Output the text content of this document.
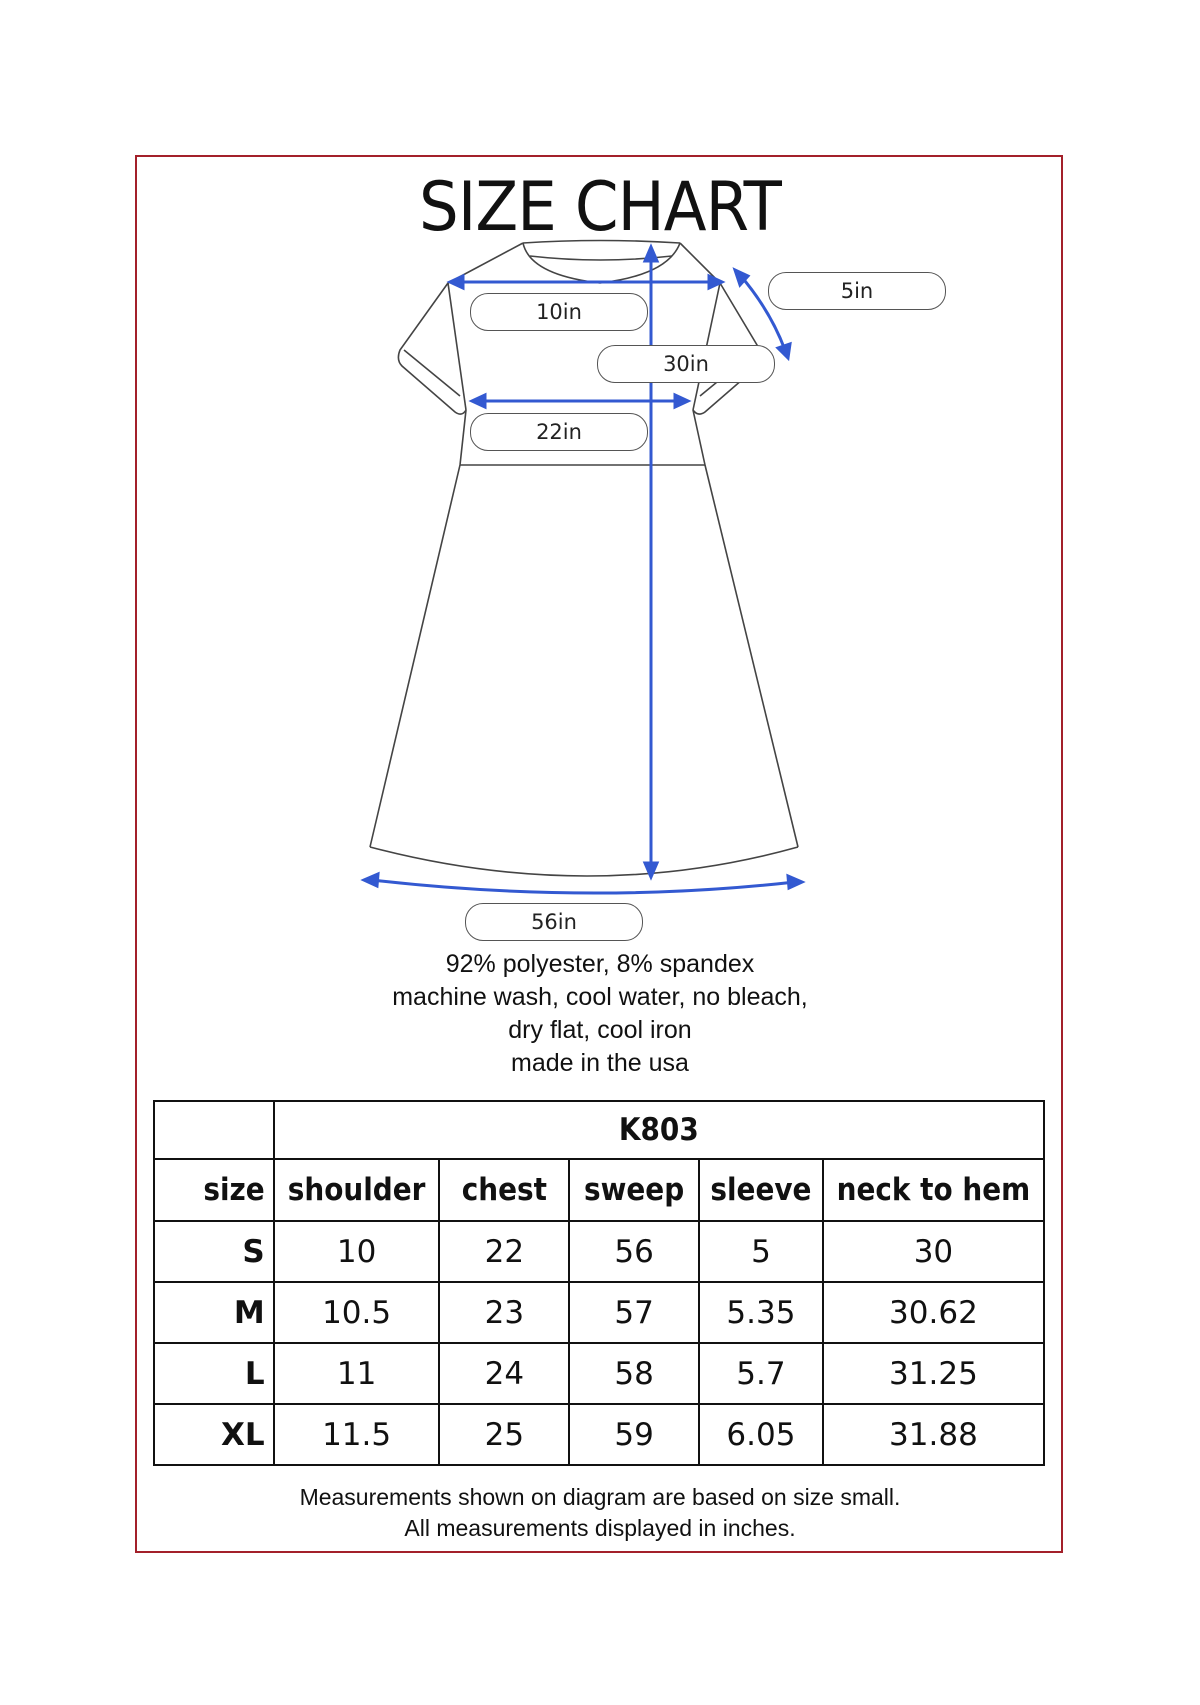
SIZE CHART
10in
5in
30in
22in
56in
92% polyester, 8% spandex
machine wash, cool water, no bleach,
dry flat, cool iron
made in the usa
	K803				
size	shoulder	chest	sweep	sleeve	neck to hem
S	10	22	56	5	30
M	10.5	23	57	5.35	30.62
L	11	24	58	5.7	31.25
XL	11.5	25	59	6.05	31.88
Measurements shown on diagram are based on size small.
All measurements displayed in inches.
